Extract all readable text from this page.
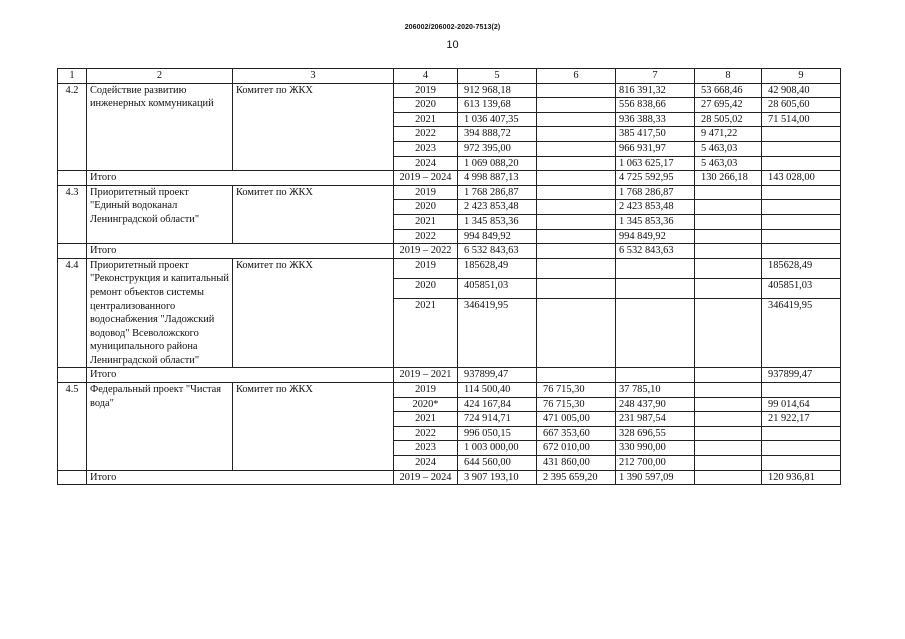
206002/206002-2020-7513(2)
10
1	2	3	4	5	6	7	8	9
4.2	Содействие развитию инженерных коммуникаций	Комитет по ЖКХ	2019	912 968,18		816 391,32	53 668,46	42 908,40
			2020	613 139,68		556 838,66	27 695,42	28 605,60
			2021	1 036 407,35		936 388,33	28 505,02	71 514,00
			2022	394 888,72		385 417,50	9 471,22	
			2023	972 395,00		966 931,97	5 463,03	
			2024	1 069 088,20		1 063 625,17	5 463,03	
	Итого		2019 – 2024	4 998 887,13		4 725 592,95	130 266,18	143 028,00
4.3	Приоритетный проект "Единый водоканал Ленинградской области"	Комитет по ЖКХ	2019	1 768 286,87		1 768 286,87		
			2020	2 423 853,48		2 423 853,48		
			2021	1 345 853,36		1 345 853,36		
			2022	994 849,92		994 849,92		
	Итого		2019 – 2022	6 532 843,63		6 532 843,63		
4.4	Приоритетный проект "Реконструкция и капитальный ремонт объектов системы централизованного водоснабжения "Ладожский водовод" Всеволожского муниципального района Ленинградской области"	Комитет по ЖКХ	2019	185628,49				185628,49
			2020	405851,03				405851,03
			2021	346419,95				346419,95
	Итого		2019 – 2021	937899,47				937899,47
4.5	Федеральный проект "Чистая вода"	Комитет по ЖКХ	2019	114 500,40	76 715,30	37 785,10		
			2020*	424 167,84	76 715,30	248 437,90		99 014,64
			2021	724 914,71	471 005,00	231 987,54		21 922,17
			2022	996 050,15	667 353,60	328 696,55		
			2023	1 003 000,00	672 010,00	330 990,00		
			2024	644 560,00	431 860,00	212 700,00		
	Итого		2019 – 2024	3 907 193,10	2 395 659,20	1 390 597,09		120 936,81
